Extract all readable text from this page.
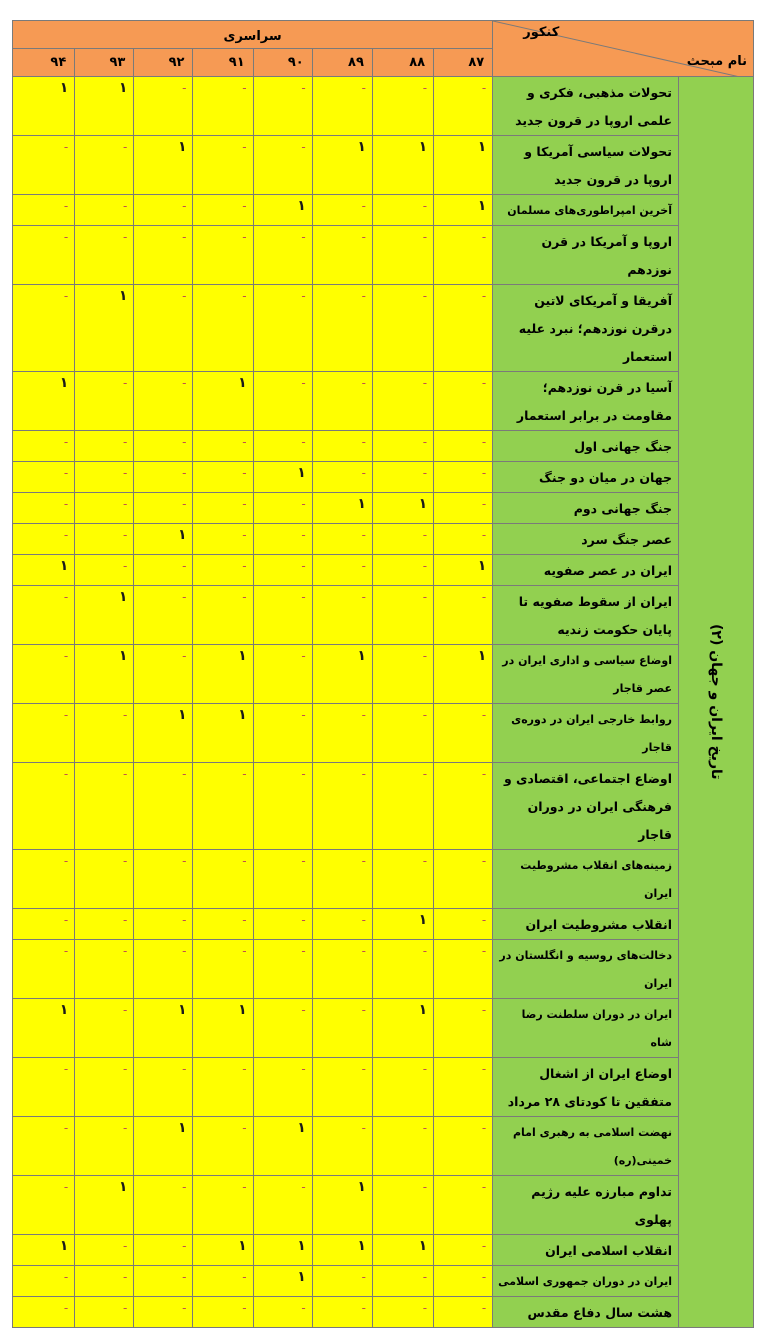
سراسری								کنکور
نام مبحث	

۹۴	۹۳	۹۲	۹۱	۹۰	۸۹	۸۸	۸۷		
۱	۱	-	-	-	-	-	-	تحولات مذهبی، فکری و علمی اروپا در قرون جدید	تاریخ ایران و جهان (۲)

-	-	۱	-	-	۱	۱	۱	تحولات سیاسی آمریکا و اروپا در قرون جدید	
-	-	-	-	۱	-	-	۱	آخرین امپراطوری‌های مسلمان	
-	-	-	-	-	-	-	-	اروپا و آمریکا در قرن نوزدهم	
-	۱	-	-	-	-	-	-	آفریقا و آمریکای لاتین درقرن نوزدهم؛ نبرد علیه استعمار	
۱	-	-	۱	-	-	-	-	آسیا در قرن نوزدهم؛ مقاومت در برابر استعمار	
-	-	-	-	-	-	-	-	جنگ جهانی اول	
-	-	-	-	۱	-	-	-	جهان در میان دو جنگ	
-	-	-	-	-	۱	۱	-	جنگ جهانی دوم	
-	-	۱	-	-	-	-	-	عصر جنگ سرد	
۱	-	-	-	-	-	-	۱	ایران در عصر صفویه	
-	۱	-	-	-	-	-	-	ایران از سقوط صفویه تا پایان حکومت زندیه	
-	۱	-	۱	-	۱	-	۱	اوضاع سیاسی و اداری ایران در عصر قاجار	
-	-	۱	۱	-	-	-	-	روابط خارجی ایران در دوره‌ی قاجار	
-	-	-	-	-	-	-	-	اوضاع اجتماعی، اقتصادی و فرهنگی ایران در دوران قاجار	
-	-	-	-	-	-	-	-	زمینه‌های انقلاب مشروطیت ایران	
-	-	-	-	-	-	۱	-	انقلاب مشروطیت ایران	
-	-	-	-	-	-	-	-	دخالت‌های روسیه و انگلستان در ایران	
۱	-	۱	۱	-	-	۱	-	ایران در دوران سلطنت رضا شاه	
-	-	-	-	-	-	-	-	اوضاع ایران از اشغال متفقین تا کودتای ۲۸ مرداد	
-	-	۱	-	۱	-	-	-	نهضت اسلامی به رهبری امام خمینی(ره)	
-	۱	-	-	-	۱	-	-	تداوم مبارزه علیه رژیم پهلوی	
۱	-	-	۱	۱	۱	۱	-	انقلاب اسلامی ایران	
-	-	-	-	۱	-	-	-	ایران در دوران جمهوری اسلامی	
-	-	-	-	-	-	-	-	هشت سال دفاع مقدس	
